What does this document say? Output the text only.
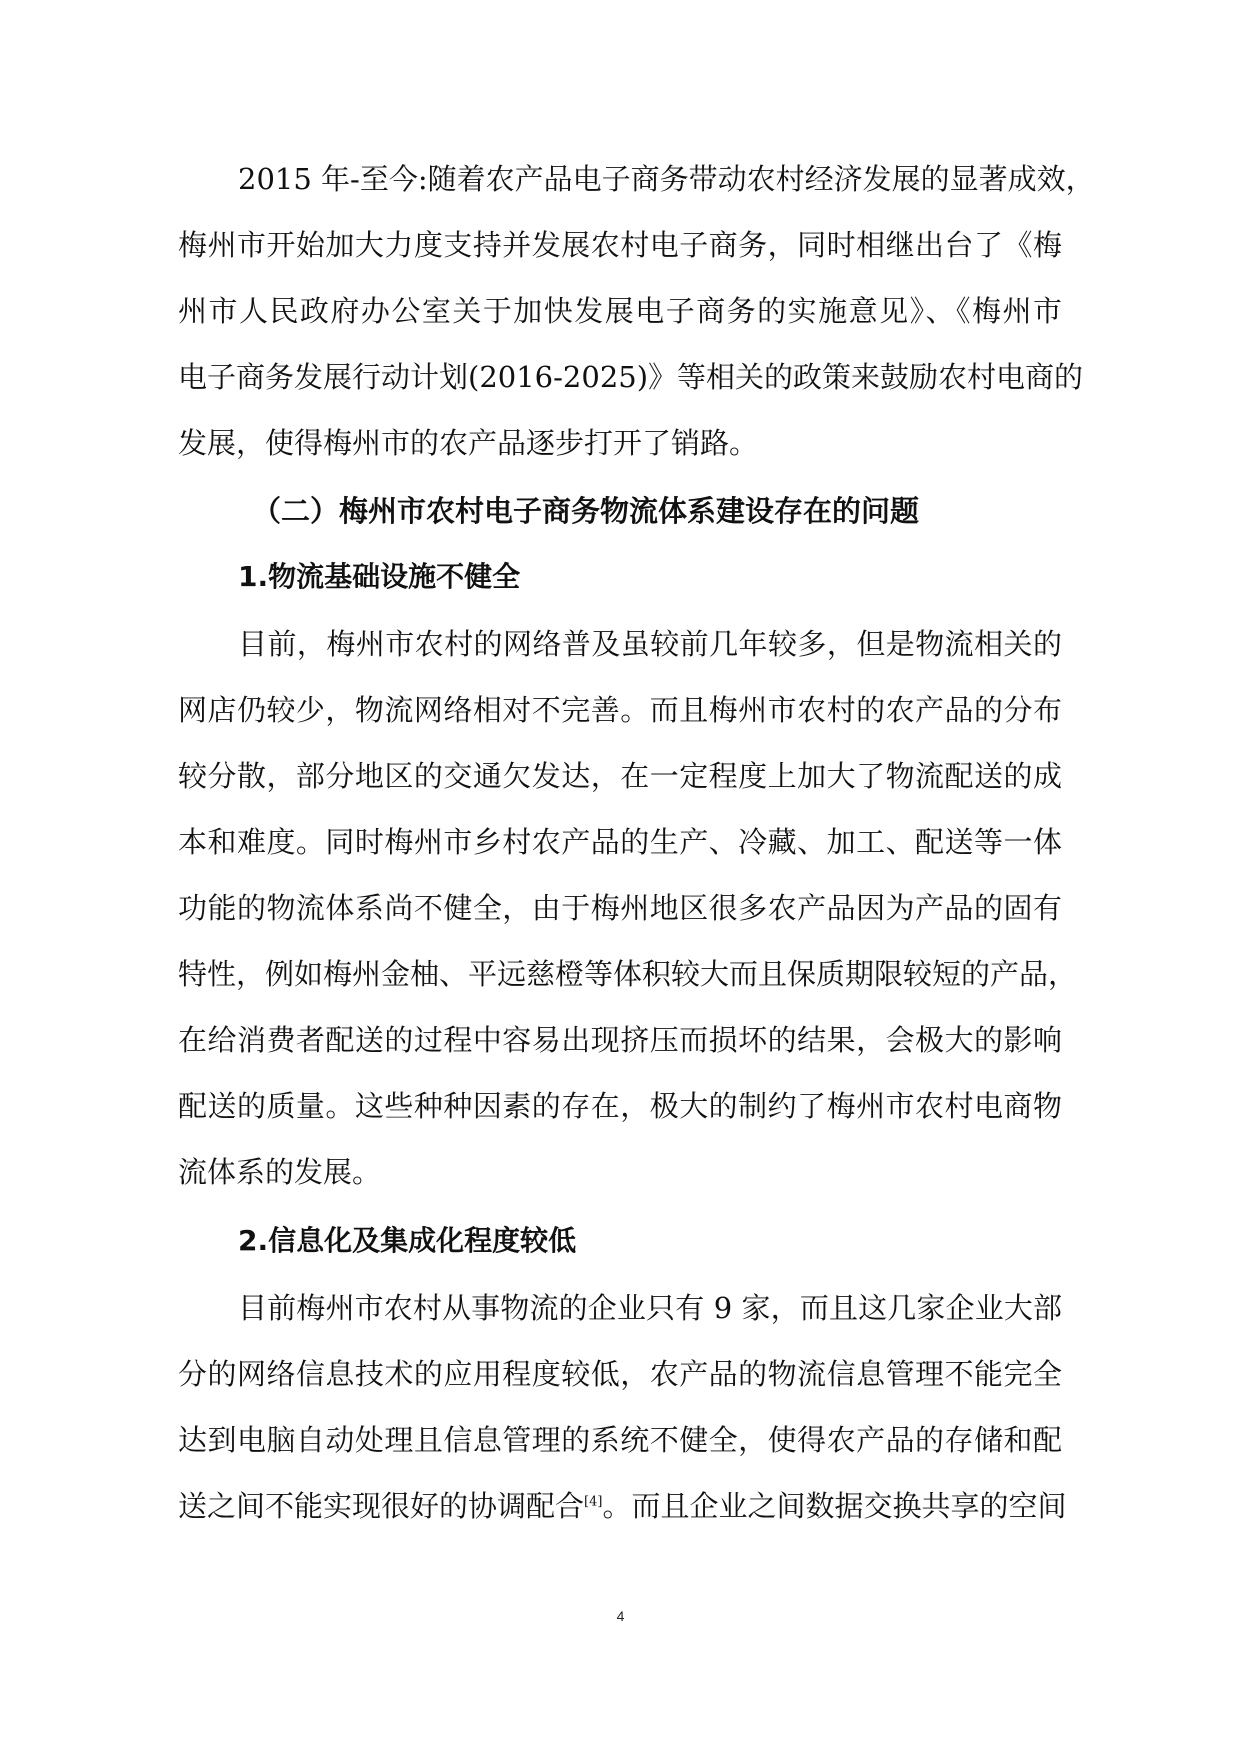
2015 年-至今:随着农产品电子商务带动农村经济发展的显著成效，
梅州市开始加大力度支持并发展农村电子商务，同时相继出台了《梅
州市人民政府办公室关于加快发展电子商务的实施意见》、《梅州市
电子商务发展行动计划(2016-2025)》等相关的政策来鼓励农村电商的
发展，使得梅州市的农产品逐步打开了销路。
（二）梅州市农村电子商务物流体系建设存在的问题
1.物流基础设施不健全
目前，梅州市农村的网络普及虽较前几年较多，但是物流相关的
网店仍较少，物流网络相对不完善。而且梅州市农村的农产品的分布
较分散，部分地区的交通欠发达，在一定程度上加大了物流配送的成
本和难度。同时梅州市乡村农产品的生产、冷藏、加工、配送等一体
功能的物流体系尚不健全，由于梅州地区很多农产品因为产品的固有
特性，例如梅州金柚、平远慈橙等体积较大而且保质期限较短的产品，
在给消费者配送的过程中容易出现挤压而损坏的结果，会极大的影响
配送的质量。这些种种因素的存在，极大的制约了梅州市农村电商物
流体系的发展。
2.信息化及集成化程度较低
目前梅州市农村从事物流的企业只有 9 家，而且这几家企业大部
分的网络信息技术的应用程度较低，农产品的物流信息管理不能完全
达到电脑自动处理且信息管理的系统不健全，使得农产品的存储和配
送之间不能实现很好的协调配合[4]。而且企业之间数据交换共享的空间
4
